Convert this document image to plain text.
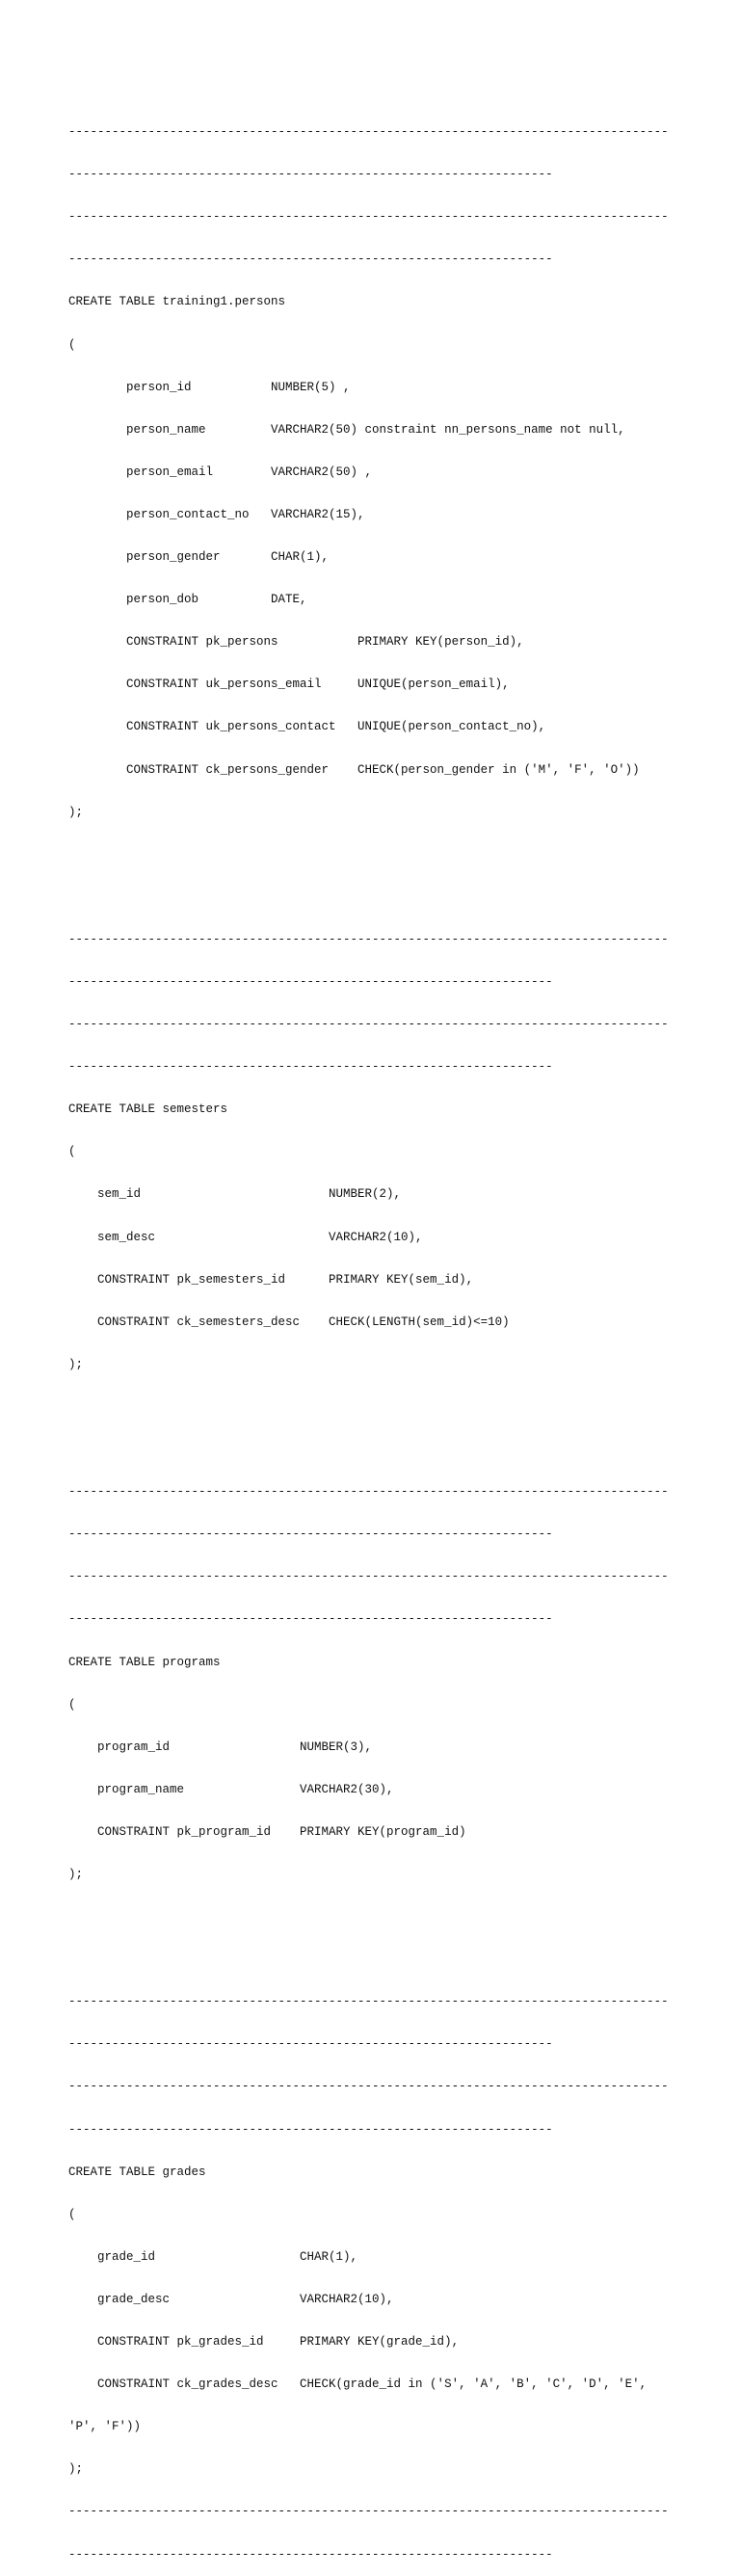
-----------------------------------------------------------------------------------

-------------------------------------------------------------------

-----------------------------------------------------------------------------------

-------------------------------------------------------------------

CREATE TABLE training1.persons

(

person_id           NUMBER(5) ,

person_name         VARCHAR2(50) constraint nn_persons_name not null,

person_email        VARCHAR2(50) ,

person_contact_no   VARCHAR2(15),

person_gender       CHAR(1),

person_dob          DATE,

CONSTRAINT pk_persons           PRIMARY KEY(person_id),

CONSTRAINT uk_persons_email     UNIQUE(person_email),

CONSTRAINT uk_persons_contact   UNIQUE(person_contact_no),

CONSTRAINT ck_persons_gender    CHECK(person_gender in ('M', 'F', 'O'))

);

-----------------------------------------------------------------------------------

-------------------------------------------------------------------

-----------------------------------------------------------------------------------

-------------------------------------------------------------------

CREATE TABLE semesters

(

sem_id                          NUMBER(2),

sem_desc                        VARCHAR2(10),

CONSTRAINT pk_semesters_id      PRIMARY KEY(sem_id),

CONSTRAINT ck_semesters_desc    CHECK(LENGTH(sem_id)<=10)

);

-----------------------------------------------------------------------------------

-------------------------------------------------------------------

-----------------------------------------------------------------------------------

-------------------------------------------------------------------

CREATE TABLE programs

(

program_id                  NUMBER(3),

program_name                VARCHAR2(30),

CONSTRAINT pk_program_id    PRIMARY KEY(program_id)

);

-----------------------------------------------------------------------------------

-------------------------------------------------------------------

-----------------------------------------------------------------------------------

-------------------------------------------------------------------

CREATE TABLE grades

(

grade_id                    CHAR(1),

grade_desc                  VARCHAR2(10),

CONSTRAINT pk_grades_id     PRIMARY KEY(grade_id),

CONSTRAINT ck_grades_desc   CHECK(grade_id in ('S', 'A', 'B', 'C', 'D', 'E',

'P', 'F'))

);

-----------------------------------------------------------------------------------

-------------------------------------------------------------------
